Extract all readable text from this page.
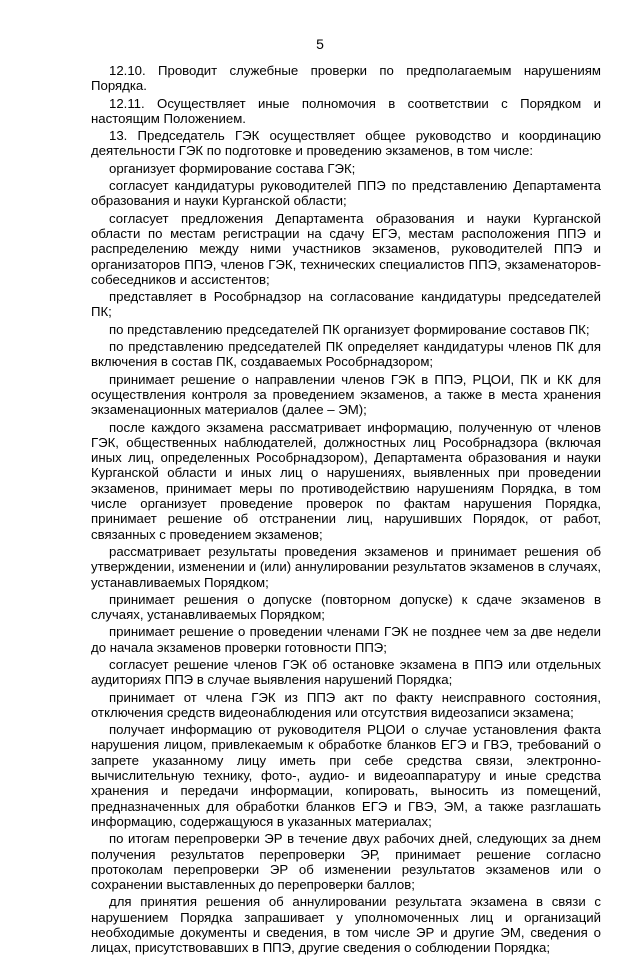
5

12.10. Проводит служебные проверки по предполагаемым нарушениям Порядка.

12.11. Осуществляет иные полномочия в соответствии с Порядком и настоящим Положением.

13. Председатель ГЭК осуществляет общее руководство и координацию деятельности ГЭК по подготовке и проведению экзаменов, в том числе:

организует формирование состава ГЭК;

согласует кандидатуры руководителей ППЭ по представлению Департамента образования и науки Курганской области;

согласует предложения Департамента образования и науки Курганской области по местам регистрации на сдачу ЕГЭ, местам расположения ППЭ и распределению между ними участников экзаменов, руководителей ППЭ и организаторов ППЭ, членов ГЭК, технических специалистов ППЭ, экзаменаторов-собеседников и ассистентов;

представляет в Рособрнадзор на согласование кандидатуры председателей ПК;

по представлению председателей ПК организует формирование составов ПК;

по представлению председателей ПК определяет кандидатуры членов ПК для включения в состав ПК, создаваемых Рособрнадзором;

принимает решение о направлении членов ГЭК в ППЭ, РЦОИ, ПК и КК для осуществления контроля за проведением экзаменов, а также в места хранения экзаменационных материалов (далее – ЭМ);

после каждого экзамена рассматривает информацию, полученную от членов ГЭК, общественных наблюдателей, должностных лиц Рособрнадзора (включая иных лиц, определенных Рособрнадзором), Департамента образования и науки Курганской области и иных лиц о нарушениях, выявленных при проведении экзаменов, принимает меры по противодействию нарушениям Порядка, в том числе организует проведение проверок по фактам нарушения Порядка, принимает решение об отстранении лиц, нарушивших Порядок, от работ, связанных с проведением экзаменов;

рассматривает результаты проведения экзаменов и принимает решения об утверждении, изменении и (или) аннулировании результатов экзаменов в случаях, устанавливаемых Порядком;

принимает решения о допуске (повторном допуске) к сдаче экзаменов в случаях, устанавливаемых Порядком;

принимает решение о проведении членами ГЭК не позднее чем за две недели до начала экзаменов проверки готовности ППЭ;

согласует решение членов ГЭК об остановке экзамена в ППЭ или отдельных аудиториях ППЭ в случае выявления нарушений Порядка;

принимает от члена ГЭК из ППЭ акт по факту неисправного состояния, отключения средств видеонаблюдения или отсутствия видеозаписи экзамена;

получает информацию от руководителя РЦОИ о случае установления факта нарушения лицом, привлекаемым к обработке бланков ЕГЭ и ГВЭ, требований о запрете указанному лицу иметь при себе средства связи, электронно-вычислительную технику, фото-, аудио- и видеоаппаратуру и иные средства хранения и передачи информации, копировать, выносить из помещений, предназначенных для обработки бланков ЕГЭ и ГВЭ, ЭМ, а также разглашать информацию, содержащуюся в указанных материалах;

по итогам перепроверки ЭР в течение двух рабочих дней, следующих за днем получения результатов перепроверки ЭР, принимает решение согласно протоколам перепроверки ЭР об изменении результатов экзаменов или о сохранении выставленных до перепроверки баллов;

для принятия решения об аннулировании результата экзамена в связи с нарушением Порядка запрашивает у уполномоченных лиц и организаций необходимые документы и сведения, в том числе ЭР и другие ЭМ, сведения о лицах, присутствовавших в ППЭ, другие сведения о соблюдении Порядка;
